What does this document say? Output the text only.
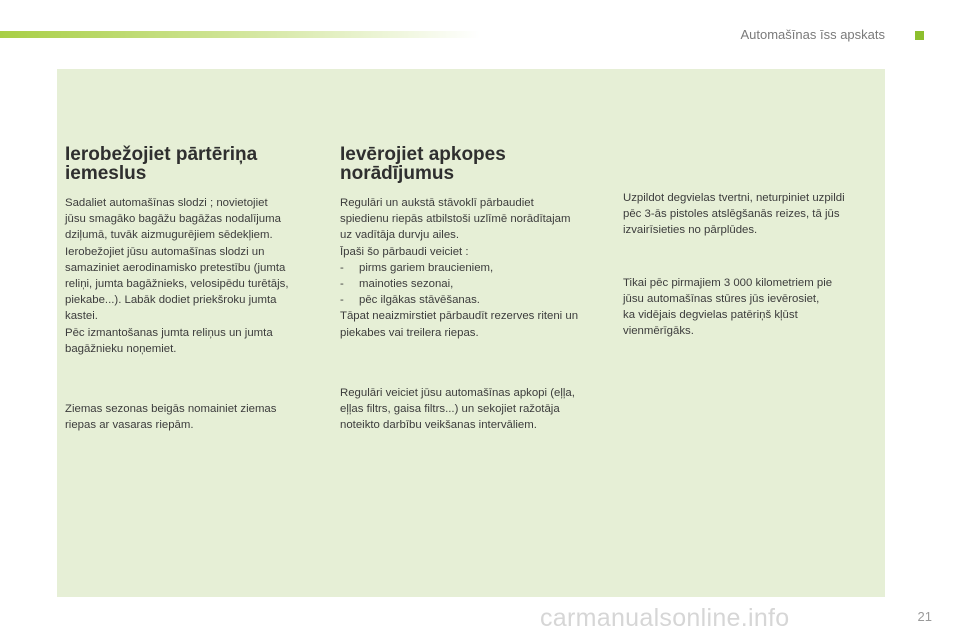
Automašīnas īss apskats
Ierobežojiet pārtēriņa
iemeslus

Sadaliet automašīnas slodzi ; novietojiet
jūsu smagāko bagāžu bagāžas nodalījuma
dziļumā, tuvāk aizmugurējiem sēdekļiem.
Ierobežojiet jūsu automašīnas slodzi un
samaziniet aerodinamisko pretestību (jumta
reliņi, jumta bagāžnieks, velosipēdu turētājs,
piekabe...). Labāk dodiet priekšroku jumta
kastei.
Pēc izmantošanas jumta reliņus un jumta
bagāžnieku noņemiet.

Ziemas sezonas beigās nomainiet ziemas
riepas ar vasaras riepām.

Ievērojiet apkopes
norādījumus

Regulāri un aukstā stāvoklī pārbaudiet
spiedienu riepās atbilstoši uzlīmē norādītajam
uz vadītāja durvju ailes.
Īpaši šo pārbaudi veiciet :
- pirms gariem braucieniem,
- mainoties sezonai,
- pēc ilgākas stāvēšanas.
Tāpat neaizmirstiet pārbaudīt rezerves riteni un
piekabes vai treilera riepas.

Regulāri veiciet jūsu automašīnas apkopi (eļļa,
eļļas filtrs, gaisa filtrs...) un sekojiet ražotāja
noteikto darbību veikšanas intervāliem.

Uzpildot degvielas tvertni, neturpiniet uzpildi
pēc 3-ās pistoles atslēgšanās reizes, tā jūs
izvairīsieties no pārplūdes.

Tikai pēc pirmajiem 3 000 kilometriem pie
jūsu automašīnas stūres jūs ievērosiet,
ka vidējais degvielas patēriņš kļūst
vienmērīgāks.

carmanualsonline.info	21
